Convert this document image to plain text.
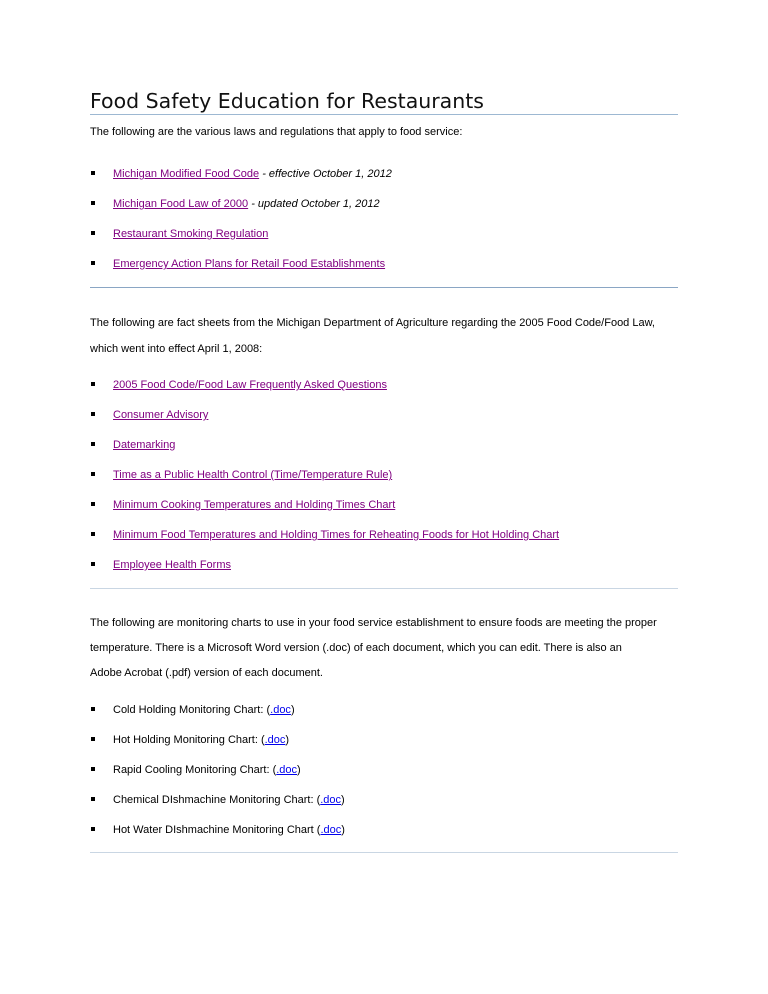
Food Safety Education for Restaurants

The following are the various laws and regulations that apply to food service:

Michigan Modified Food Code - effective October 1, 2012
Michigan Food Law of 2000 - updated October 1, 2012
Restaurant Smoking Regulation
Emergency Action Plans for Retail Food Establishments

The following are fact sheets from the Michigan Department of Agriculture regarding the 2005 Food Code/Food Law,

which went into effect April 1, 2008:

2005 Food Code/Food Law Frequently Asked Questions
Consumer Advisory
Datemarking
Time as a Public Health Control (Time/Temperature Rule)
Minimum Cooking Temperatures and Holding Times Chart
Minimum Food Temperatures and Holding Times for Reheating Foods for Hot Holding Chart
Employee Health Forms

The following are monitoring charts to use in your food service establishment to ensure foods are meeting the proper

temperature. There is a Microsoft Word version (.doc) of each document, which you can edit. There is also an

Adobe Acrobat (.pdf) version of each document.

Cold Holding Monitoring Chart: (.doc)
Hot Holding Monitoring Chart: (.doc)
Rapid Cooling Monitoring Chart: (.doc)
Chemical DIshmachine Monitoring Chart: (.doc)
Hot Water DIshmachine Monitoring Chart (.doc)
